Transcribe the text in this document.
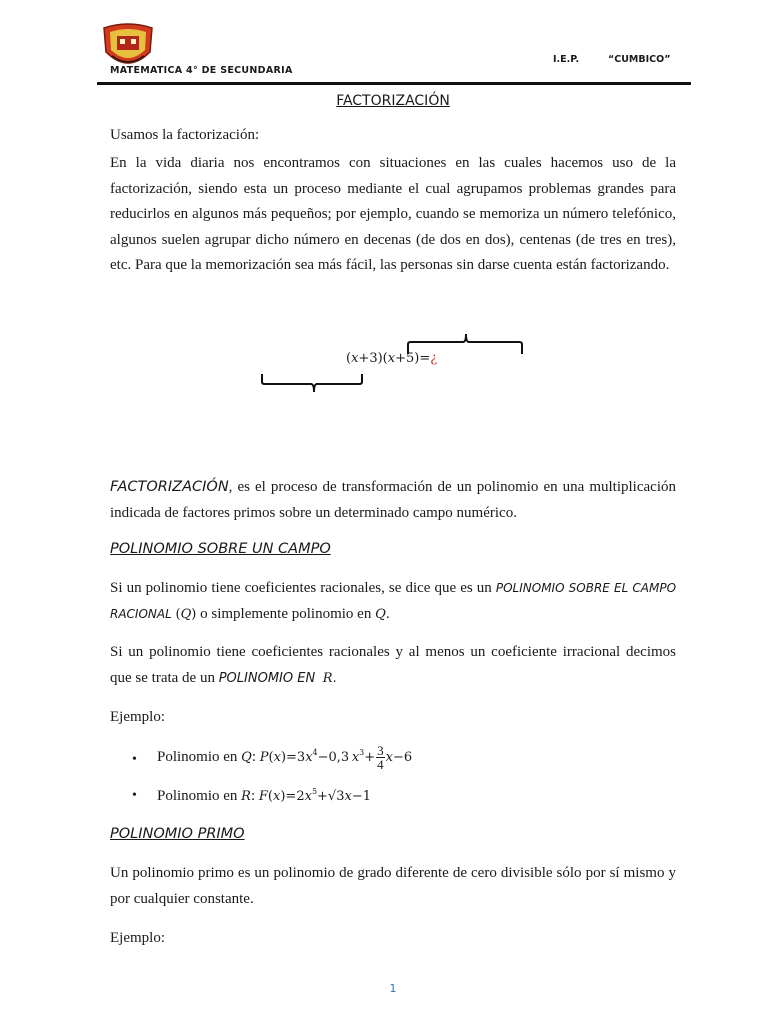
MATEMATICA 4° DE SECUNDARIA
I.E.P.	“CUMBICO”
FACTORIZACIÓN
Usamos la factorización:
En la vida diaria nos encontramos con situaciones en las cuales hacemos uso de la factorización, siendo esta un proceso mediante el cual agrupamos problemas grandes para reducirlos en algunos más pequeños; por ejemplo, cuando se memoriza un número telefónico, algunos suelen agrupar dicho número en decenas (de dos en dos), centenas (de tres en tres), etc. Para que la memorización sea más fácil, las personas sin darse cuenta están factorizando.
(x+3)(x+5)=¿
FACTORIZACIÓN, es el proceso de transformación de un polinomio en una multiplicación indicada de factores primos sobre un determinado campo numérico.
POLINOMIO SOBRE UN CAMPO
Si un polinomio tiene coeficientes racionales, se dice que es un POLINOMIO SOBRE EL CAMPO RACIONAL (Q) o simplemente polinomio en Q.
Si un polinomio tiene coeficientes racionales y al menos un coeficiente irracional decimos que se trata de un POLINOMIO EN R.
Ejemplo:
• Polinomio en Q: $P(x)=3x^4-0,3$  $x^3+ \frac{3}{4} x-6$
• Polinomio en R: $F(x)=2x^5+√3x-1$
POLINOMIO PRIMO
Un polinomio primo es un polinomio de grado diferente de cero divisible sólo por sí mismo y por cualquier constante.
Ejemplo:
1
